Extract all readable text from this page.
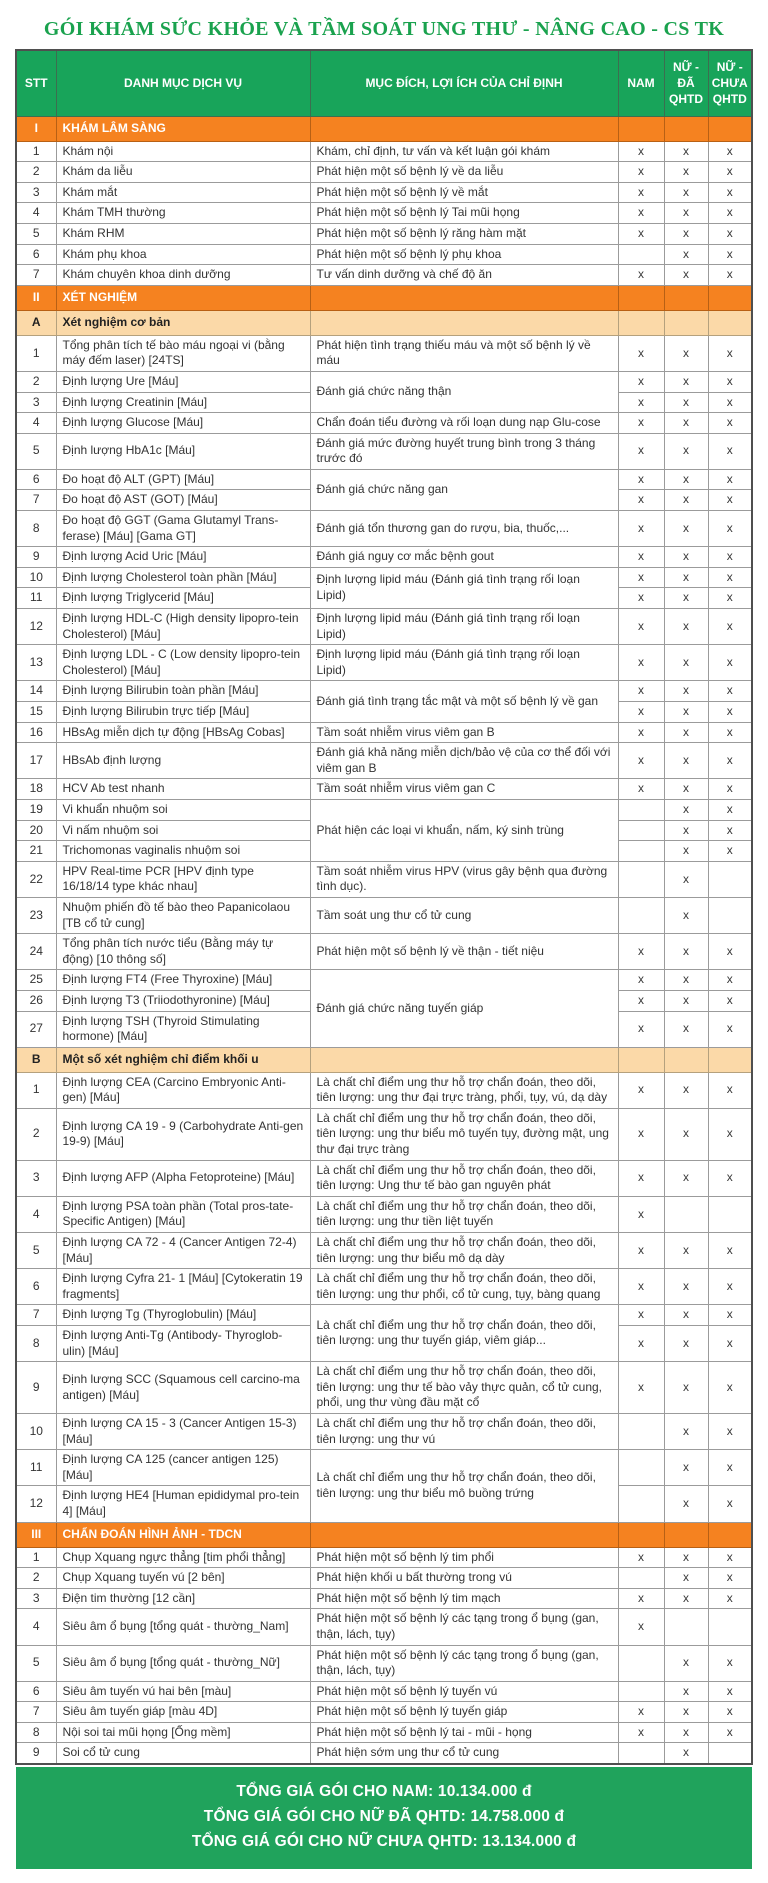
GÓI KHÁM SỨC KHỎE VÀ TẦM SOÁT UNG THƯ - NÂNG CAO - CS TK
STT	DANH MỤC DỊCH VỤ	MỤC ĐÍCH, LỢI ÍCH CỦA CHỈ ĐỊNH	NAM	NỮ - ĐÃ QHTD	NỮ - CHƯA QHTD
I	KHÁM LÂM SÀNG				
1	Khám nội	Khám, chỉ định, tư vấn và kết luận gói khám	x	x	x
2	Khám da liễu	Phát hiện một số bệnh lý về da liễu	x	x	x
3	Khám mắt	Phát hiện một số bệnh lý về mắt	x	x	x
4	Khám TMH thường	Phát hiện một số bệnh lý Tai mũi họng	x	x	x
5	Khám RHM	Phát hiện một số bệnh lý răng hàm mặt	x	x	x
6	Khám phụ khoa	Phát hiện một số bệnh lý phụ khoa		x	x
7	Khám chuyên khoa dinh dưỡng	Tư vấn dinh dưỡng và chế độ ăn	x	x	x
II	XÉT NGHIỆM				
A	Xét nghiệm cơ bản				
1	Tổng phân tích tế bào máu ngoại vi (bằng máy đếm laser) [24TS]	Phát hiện tình trạng thiếu máu và một số bệnh lý về máu	x	x	x
2	Định lượng Ure [Máu]	Đánh giá chức năng thận	x	x	x
3	Định lượng Creatinin [Máu]		x	x	x
4	Định lượng Glucose [Máu]	Chẩn đoán tiểu đường và rối loạn dung nạp Glu-cose	x	x	x
5	Định lượng HbA1c [Máu]	Đánh giá mức đường huyết trung bình trong 3 tháng trước đó	x	x	x
6	Đo hoạt độ ALT (GPT) [Máu]	Đánh giá chức năng gan	x	x	x
7	Đo hoạt độ AST (GOT) [Máu]		x	x	x
8	Đo hoạt độ GGT (Gama Glutamyl Trans-ferase) [Máu] [Gama GT]	Đánh giá tổn thương gan do rượu, bia, thuốc,...	x	x	x
9	Định lượng Acid Uric [Máu]	Đánh giá nguy cơ mắc bệnh gout	x	x	x
10	Định lượng Cholesterol toàn phần [Máu]	Định lượng lipid máu (Đánh giá tình trạng rối loạn Lipid)	x	x	x
11	Định lượng Triglycerid [Máu]		x	x	x
12	Định lượng HDL-C (High density lipopro-tein Cholesterol) [Máu]	Định lượng lipid máu (Đánh giá tình trạng rối loạn Lipid)	x	x	x
13	Định lượng LDL - C (Low density lipopro-tein Cholesterol) [Máu]	Định lượng lipid máu (Đánh giá tình trạng rối loạn Lipid)	x	x	x
14	Định lượng Bilirubin toàn phần [Máu]	Đánh giá tình trạng tắc mật và một số bệnh lý về gan	x	x	x
15	Định lượng Bilirubin trực tiếp [Máu]		x	x	x
16	HBsAg miễn dịch tự động [HBsAg Cobas]	Tầm soát nhiễm virus viêm gan B	x	x	x
17	HBsAb định lượng	Đánh giá khả năng miễn dịch/bảo vệ của cơ thể đối với viêm gan B	x	x	x
18	HCV Ab test nhanh	Tầm soát nhiễm virus viêm gan C	x	x	x
19	Vi khuẩn nhuộm soi	Phát hiện các loại vi khuẩn, nấm, ký sinh trùng		x	x
20	Vi nấm nhuộm soi			x	x
21	Trichomonas vaginalis nhuộm soi			x	x
22	HPV Real-time PCR [HPV định type 16/18/14 type khác nhau]	Tầm soát nhiễm virus HPV (virus gây bệnh qua đường tình dục).		x	
23	Nhuộm phiến đồ tế bào theo Papanicolaou [TB cổ tử cung]	Tầm soát ung thư cổ tử cung		x	
24	Tổng phân tích nước tiểu (Bằng máy tự động) [10 thông số]	Phát hiện một số bệnh lý về thận - tiết niệu	x	x	x
25	Định lượng FT4 (Free Thyroxine) [Máu]	Đánh giá chức năng tuyến giáp	x	x	x
26	Định lượng T3 (Triiodothyronine) [Máu]		x	x	x
27	Định lượng TSH (Thyroid Stimulating hormone) [Máu]		x	x	x
B	Một số xét nghiệm chỉ điểm khối u				
1	Định lượng CEA (Carcino Embryonic Anti-gen) [Máu]	Là chất chỉ điểm ung thư hỗ trợ chẩn đoán, theo dõi, tiên lượng: ung thư đại trực tràng, phổi, tụy, vú, dạ dày	x	x	x
2	Định lượng CA 19 - 9 (Carbohydrate Anti-gen 19-9) [Máu]	Là chất chỉ điểm ung thư hỗ trợ chẩn đoán, theo dõi, tiên lượng: ung thư biểu mô tuyến tụy, đường mật, ung thư đại trực tràng	x	x	x
3	Định lượng AFP (Alpha Fetoproteine) [Máu]	Là chất chỉ điểm ung thư hỗ trợ chẩn đoán, theo dõi, tiên lượng: Ung thư tế bào gan nguyên phát	x	x	x
4	Định lượng PSA toàn phần (Total pros-tate-Specific Antigen) [Máu]	Là chất chỉ điểm ung thư hỗ trợ chẩn đoán, theo dõi, tiên lượng: ung thư tiền liệt tuyến	x		
5	Định lượng CA 72 - 4 (Cancer Antigen 72-4) [Máu]	Là chất chỉ điểm ung thư hỗ trợ chẩn đoán, theo dõi, tiên lượng: ung thư biểu mô dạ dày	x	x	x
6	Định lượng Cyfra 21- 1 [Máu] [Cytokeratin 19 fragments]	Là chất chỉ điểm ung thư hỗ trợ chẩn đoán, theo dõi, tiên lượng: ung thư phổi, cổ tử cung, tụy, bàng quang	x	x	x
7	Định lượng Tg (Thyroglobulin) [Máu]	Là chất chỉ điểm ung thư hỗ trợ chẩn đoán, theo dõi, tiên lượng: ung thư tuyến giáp, viêm giáp...	x	x	x
8	Định lượng Anti-Tg (Antibody- Thyroglob-ulin) [Máu]		x	x	x
9	Định lượng SCC (Squamous cell carcino-ma antigen) [Máu]	Là chất chỉ điểm ung thư hỗ trợ chẩn đoán, theo dõi, tiên lượng: ung thư tế bào vảy thực quản, cổ tử cung, phổi, ung thư vùng đầu mặt cổ	x	x	x
10	Định lượng CA 15 - 3 (Cancer Antigen 15-3) [Máu]	Là chất chỉ điểm ung thư hỗ trợ chẩn đoán, theo dõi, tiên lượng: ung thư vú		x	x
11	Định lượng CA 125 (cancer antigen 125) [Máu]	Là chất chỉ điểm ung thư hỗ trợ chẩn đoán, theo dõi, tiên lượng: ung thư biểu mô buồng trứng		x	x
12	Định lượng HE4 [Human epididymal pro-tein 4] [Máu]			x	x
III	CHẨN ĐOÁN HÌNH ẢNH - TDCN				
1	Chụp Xquang ngực thẳng [tim phổi thẳng]	Phát hiện một số bệnh lý tim phổi	x	x	x
2	Chụp Xquang tuyến vú [2 bên]	Phát hiện khối u bất thường trong vú		x	x
3	Điện tim thường [12 cần]	Phát hiện một số bệnh lý tim mạch	x	x	x
4	Siêu âm ổ bụng [tổng quát - thường_Nam]	Phát hiện một số bệnh lý các tạng trong ổ bụng (gan, thận, lách, tụy)	x		
5	Siêu âm ổ bụng [tổng quát - thường_Nữ]	Phát hiện một số bệnh lý các tạng trong ổ bụng (gan, thận, lách, tụy)		x	x
6	Siêu âm tuyến vú hai bên [màu]	Phát hiện một số bệnh lý tuyến vú		x	x
7	Siêu âm tuyến giáp [màu 4D]	Phát hiện một số bệnh lý tuyến giáp	x	x	x
8	Nội soi tai mũi họng [Ống mềm]	Phát hiện một số bệnh lý tai - mũi - họng	x	x	x
9	Soi cổ tử cung	Phát hiện sớm ung thư cổ tử cung		x	
TỔNG GIÁ GÓI CHO NAM: 10.134.000 đ
TỔNG GIÁ GÓI CHO NỮ ĐÃ QHTD: 14.758.000 đ
TỔNG GIÁ GÓI CHO NỮ CHƯA QHTD: 13.134.000 đ
